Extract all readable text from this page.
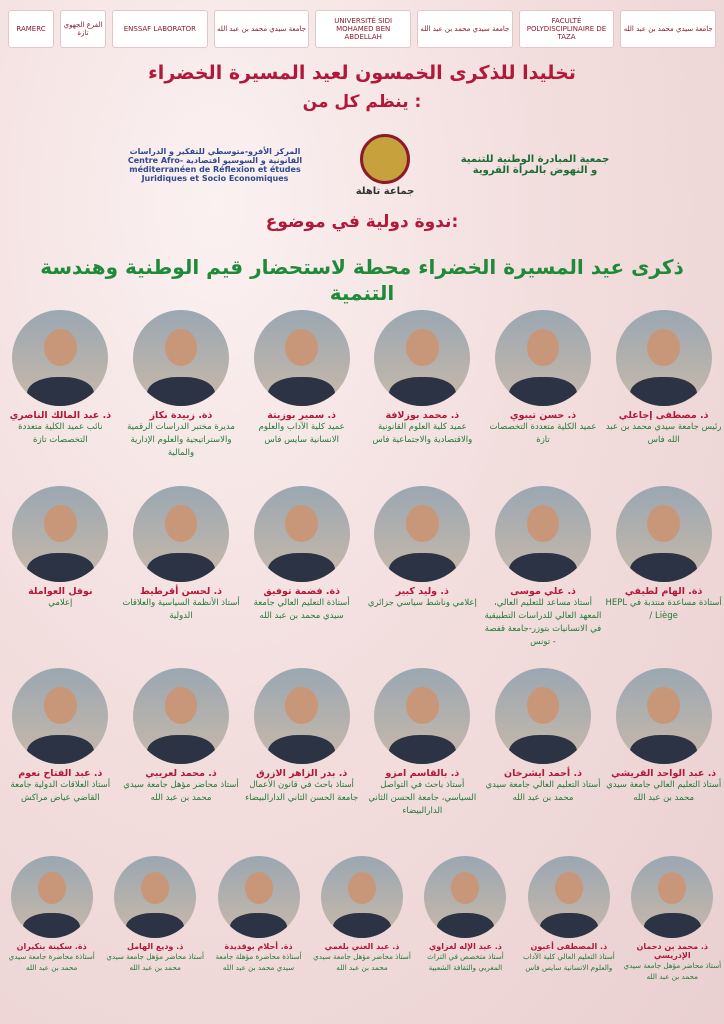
RAMERC	الفرع الجهوي تازة	ENSSAF LABORATOR	جامعة سيدي محمد بن عبد الله
UNIVERSITÉ SIDI MOHAMED BEN ABDELLAH
جامعة سيدي محمد بن عبد الله
FACULTÉ POLYDISCIPLINAIRE DE TAZA
جامعة سيدي محمد بن عبد الله
تخليدا للذكرى الخمسون لعيد المسيرة الخضراء
ينظم كل من :
جمعية المبادرة الوطنية للتنمية و النهوض بالمرأة القروية
جماعة تاهلة
المركز الأفرو-متوسطي للتفكير و الدراسات القانونية و السوسيو اقتصادية Centre Afro-méditerranéen de Réflexion et études Juridiques et Socio Economiques
ندوة دولية في موضوع:
ذكرى عيد المسيرة الخضراء محطة لاستحضار قيم الوطنية وهندسة التنمية
ذ. مصطفى إجاعلي
رئيس جامعة سيدي محمد بن عبد الله فاس
ذ. حسن تيبوي
عميد الكلية متعددة التخصصات تازة
ذ. محمد بوزلافة
عميد كلية العلوم القانونية والاقتصادية والاجتماعية فاس
ذ. سمير بوزيتة
عميد كلية الآداب والعلوم الانسانية سايس فاس
ذة. زبيدة نكاز
مديرة مختبر الدراسات الرقمية والاستراتيجية والعلوم الإدارية والمالية
ذ. عبد المالك الناصري
نائب عميد الكلية متعددة التخصصات تازة
ذة. الهام لطيفي
أستاذة مساعدة منتدبة في HEPL / Liège
ذ. علي موسى
أستاذ مساعد للتعليم العالي، المعهد العالي للدراسات التطبيقية في الانسانيات بتوزر-جامعة قفصة - تونس
ذ. وليد كبير
إعلامي وناشط سياسي جزائري
ذة. فضمة توفيق
أستاذة التعليم العالي جامعة سيدي محمد بن عبد الله
ذ. لحسن أقرطيط
أستاذ الأنظمة السياسية والعلاقات الدولية
نوفل العواملة
إعلامي
ذ. عبد الواحد القريشي
أستاذ التعليم العالي جامعة سيدي محمد بن عبد الله
ذ. أحمد ايشرخان
أستاذ التعليم العالي جامعة سيدي محمد بن عبد الله
ذ. بالقاسم امزو
أستاذ باحث في التواصل السياسي، جامعة الحسن الثاني الدارالبيضاء
ذ. بدر الزاهر الازرق
أستاذ باحث في قانون الأعمال جامعة الحسن الثاني الدارالبيضاء
ذ. محمد لعريبي
أستاذ محاضر مؤهل جامعة سيدي محمد بن عبد الله
ذ. عبد الفتاح نعوم
أستاذ العلاقات الدولية جامعة القاضي عياض مراكش
ذ. محمد بن دحمان الإدريسي
أستاذ محاضر مؤهل جامعة سيدي محمد بن عبد الله
ذ. المصطفى أعبون
أستاذ التعليم العالي كلية الآداب والعلوم الانسانية سايس فاس
ذ. عبد الإله لغزاوي
أستاذ متخصص في التراث المغربي والثقافة الشعبية
ذ. عبد الغني بلغمي
أستاذ محاضر مؤهل جامعة سيدي محمد بن عبد الله
ذة. أحلام بوقديدة
أستاذة محاضرة مؤهلة جامعة سيدي محمد بن عبد الله
ذ. وديع الهامل
أستاذ محاضر مؤهل جامعة سيدي محمد بن عبد الله
ذة. سكينة بنكيران
أستاذة محاضرة جامعة سيدي محمد بن عبد الله
